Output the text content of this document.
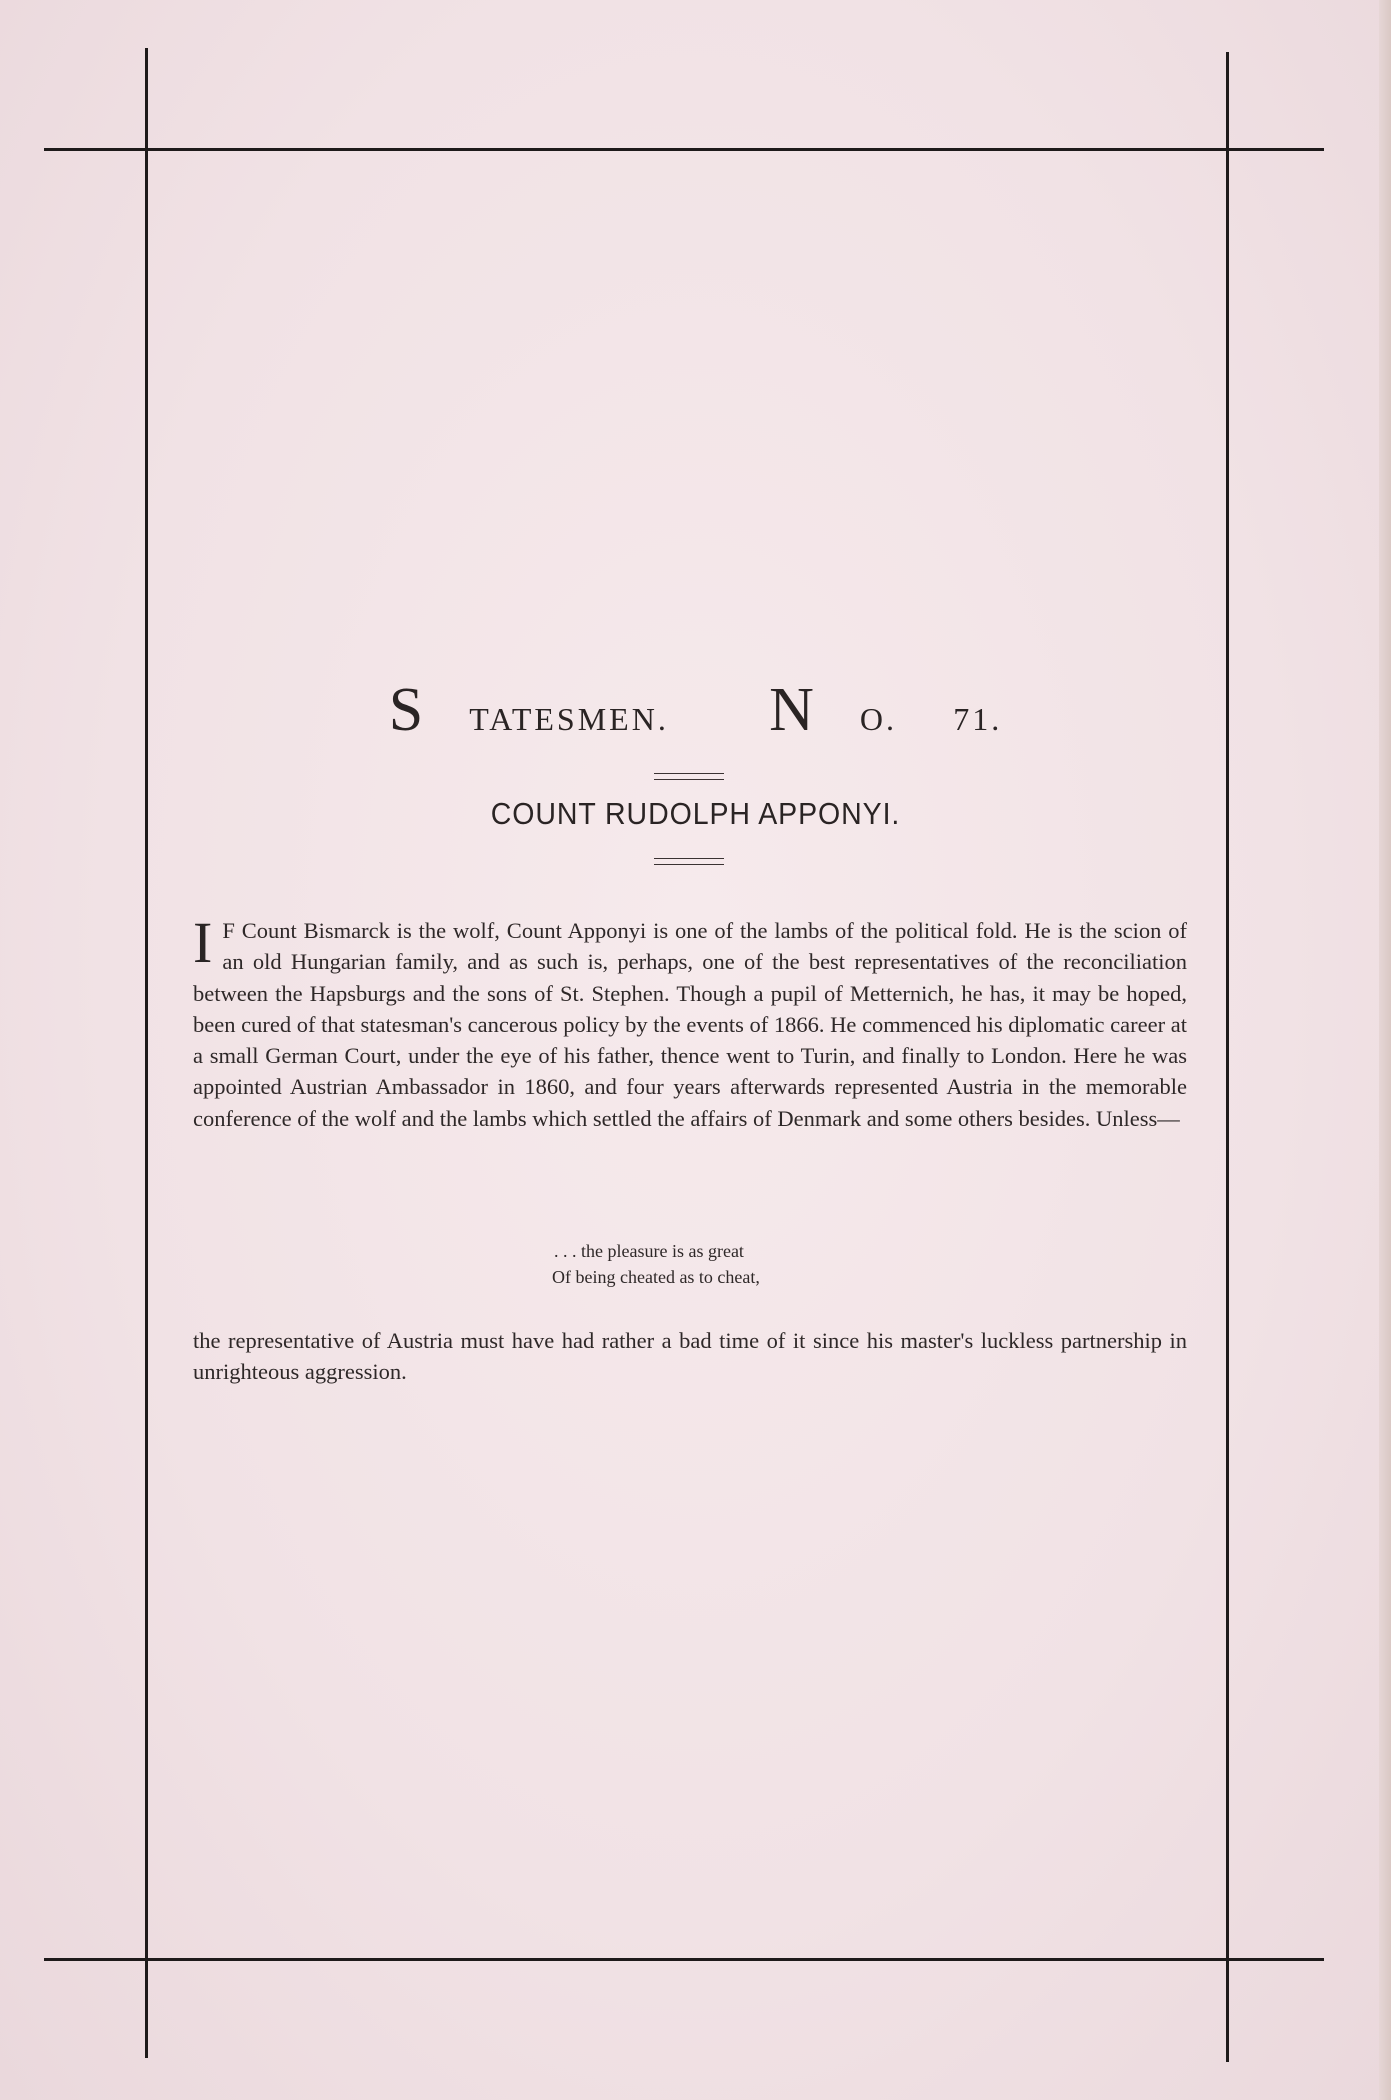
S TATESMEN. N O. 71.
COUNT RUDOLPH APPONYI.
I F Count Bismarck is the wolf, Count Apponyi is one of the lambs of the political fold. He is the scion of an old Hungarian family, and as such is, perhaps, one of the best representatives of the reconciliation between the Hapsburgs and the sons of St. Stephen. Though a pupil of Metternich, he has, it may be hoped, been cured of that statesman's cancerous policy by the events of 1866. He commenced his diplomatic career at a small German Court, under the eye of his father, thence went to Turin, and finally to London. Here he was appointed Austrian Ambassador in 1860, and four years afterwards represented Austria in the memorable conference of the wolf and the lambs which settled the affairs of Denmark and some others besides. Unless—
. . . the pleasure is as great
Of being cheated as to cheat,
the representative of Austria must have had rather a bad time of it since his master's luckless partnership in unrighteous aggression.
